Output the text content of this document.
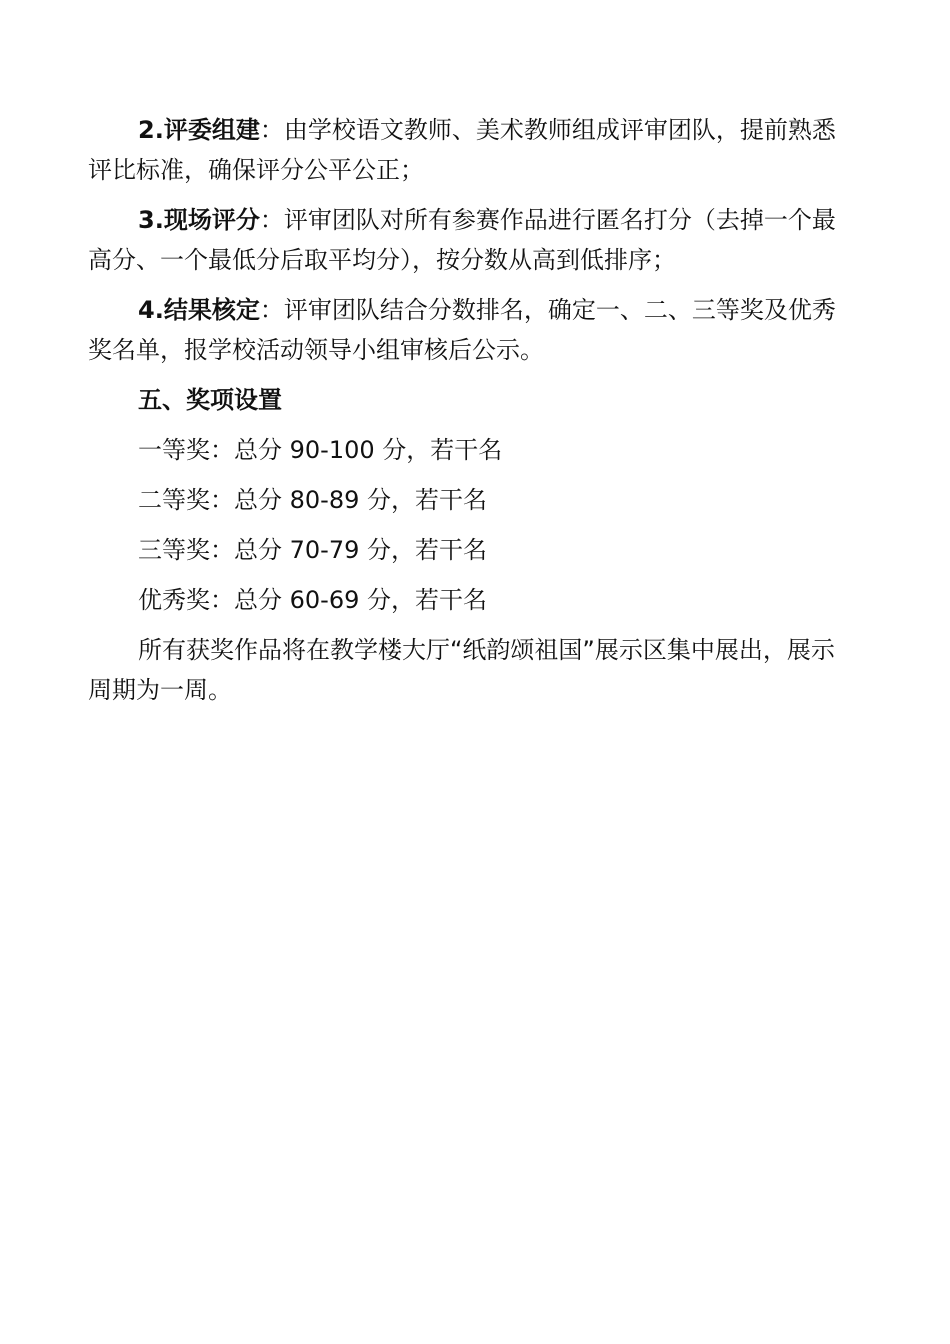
2.评委组建：由学校语文教师、美术教师组成评审团队，提前熟悉评比标准，确保评分公平公正；

3.现场评分：评审团队对所有参赛作品进行匿名打分（去掉一个最高分、一个最低分后取平均分），按分数从高到低排序；

4.结果核定：评审团队结合分数排名，确定一、二、三等奖及优秀奖名单，报学校活动领导小组审核后公示。

五、奖项设置

一等奖：总分 90-100 分，若干名

二等奖：总分 80-89 分，若干名

三等奖：总分 70-79 分，若干名

优秀奖：总分 60-69 分，若干名

所有获奖作品将在教学楼大厅“纸韵颂祖国”展示区集中展出，展示周期为一周。
